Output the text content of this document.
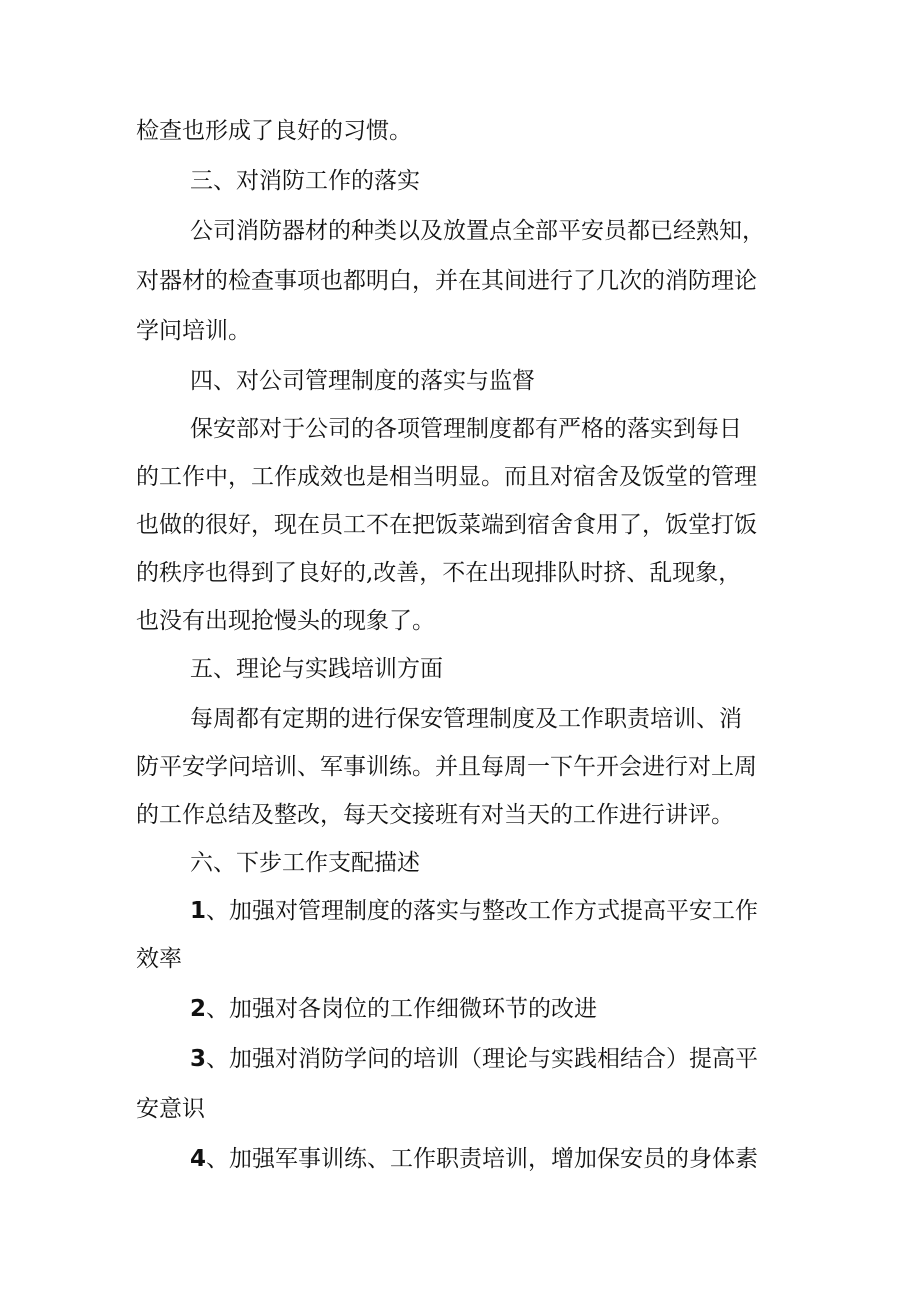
检查也形成了良好的习惯。
三、对消防工作的落实
公司消防器材的种类以及放置点全部平安员都已经熟知，
对器材的检查事项也都明白，并在其间进行了几次的消防理论
学问培训。
四、对公司管理制度的落实与监督
保安部对于公司的各项管理制度都有严格的落实到每日
的工作中，工作成效也是相当明显。而且对宿舍及饭堂的管理
也做的很好，现在员工不在把饭菜端到宿舍食用了，饭堂打饭
的秩序也得到了良好的,改善，不在出现排队时挤、乱现象，
也没有出现抢慢头的现象了。
五、理论与实践培训方面
每周都有定期的进行保安管理制度及工作职责培训、消
防平安学问培训、军事训练。并且每周一下午开会进行对上周
的工作总结及整改，每天交接班有对当天的工作进行讲评。
六、下步工作支配描述
1、加强对管理制度的落实与整改工作方式提高平安工作
效率
2、加强对各岗位的工作细微环节的改进
3、加强对消防学问的培训（理论与实践相结合）提高平
安意识
4、加强军事训练、工作职责培训，增加保安员的身体素
